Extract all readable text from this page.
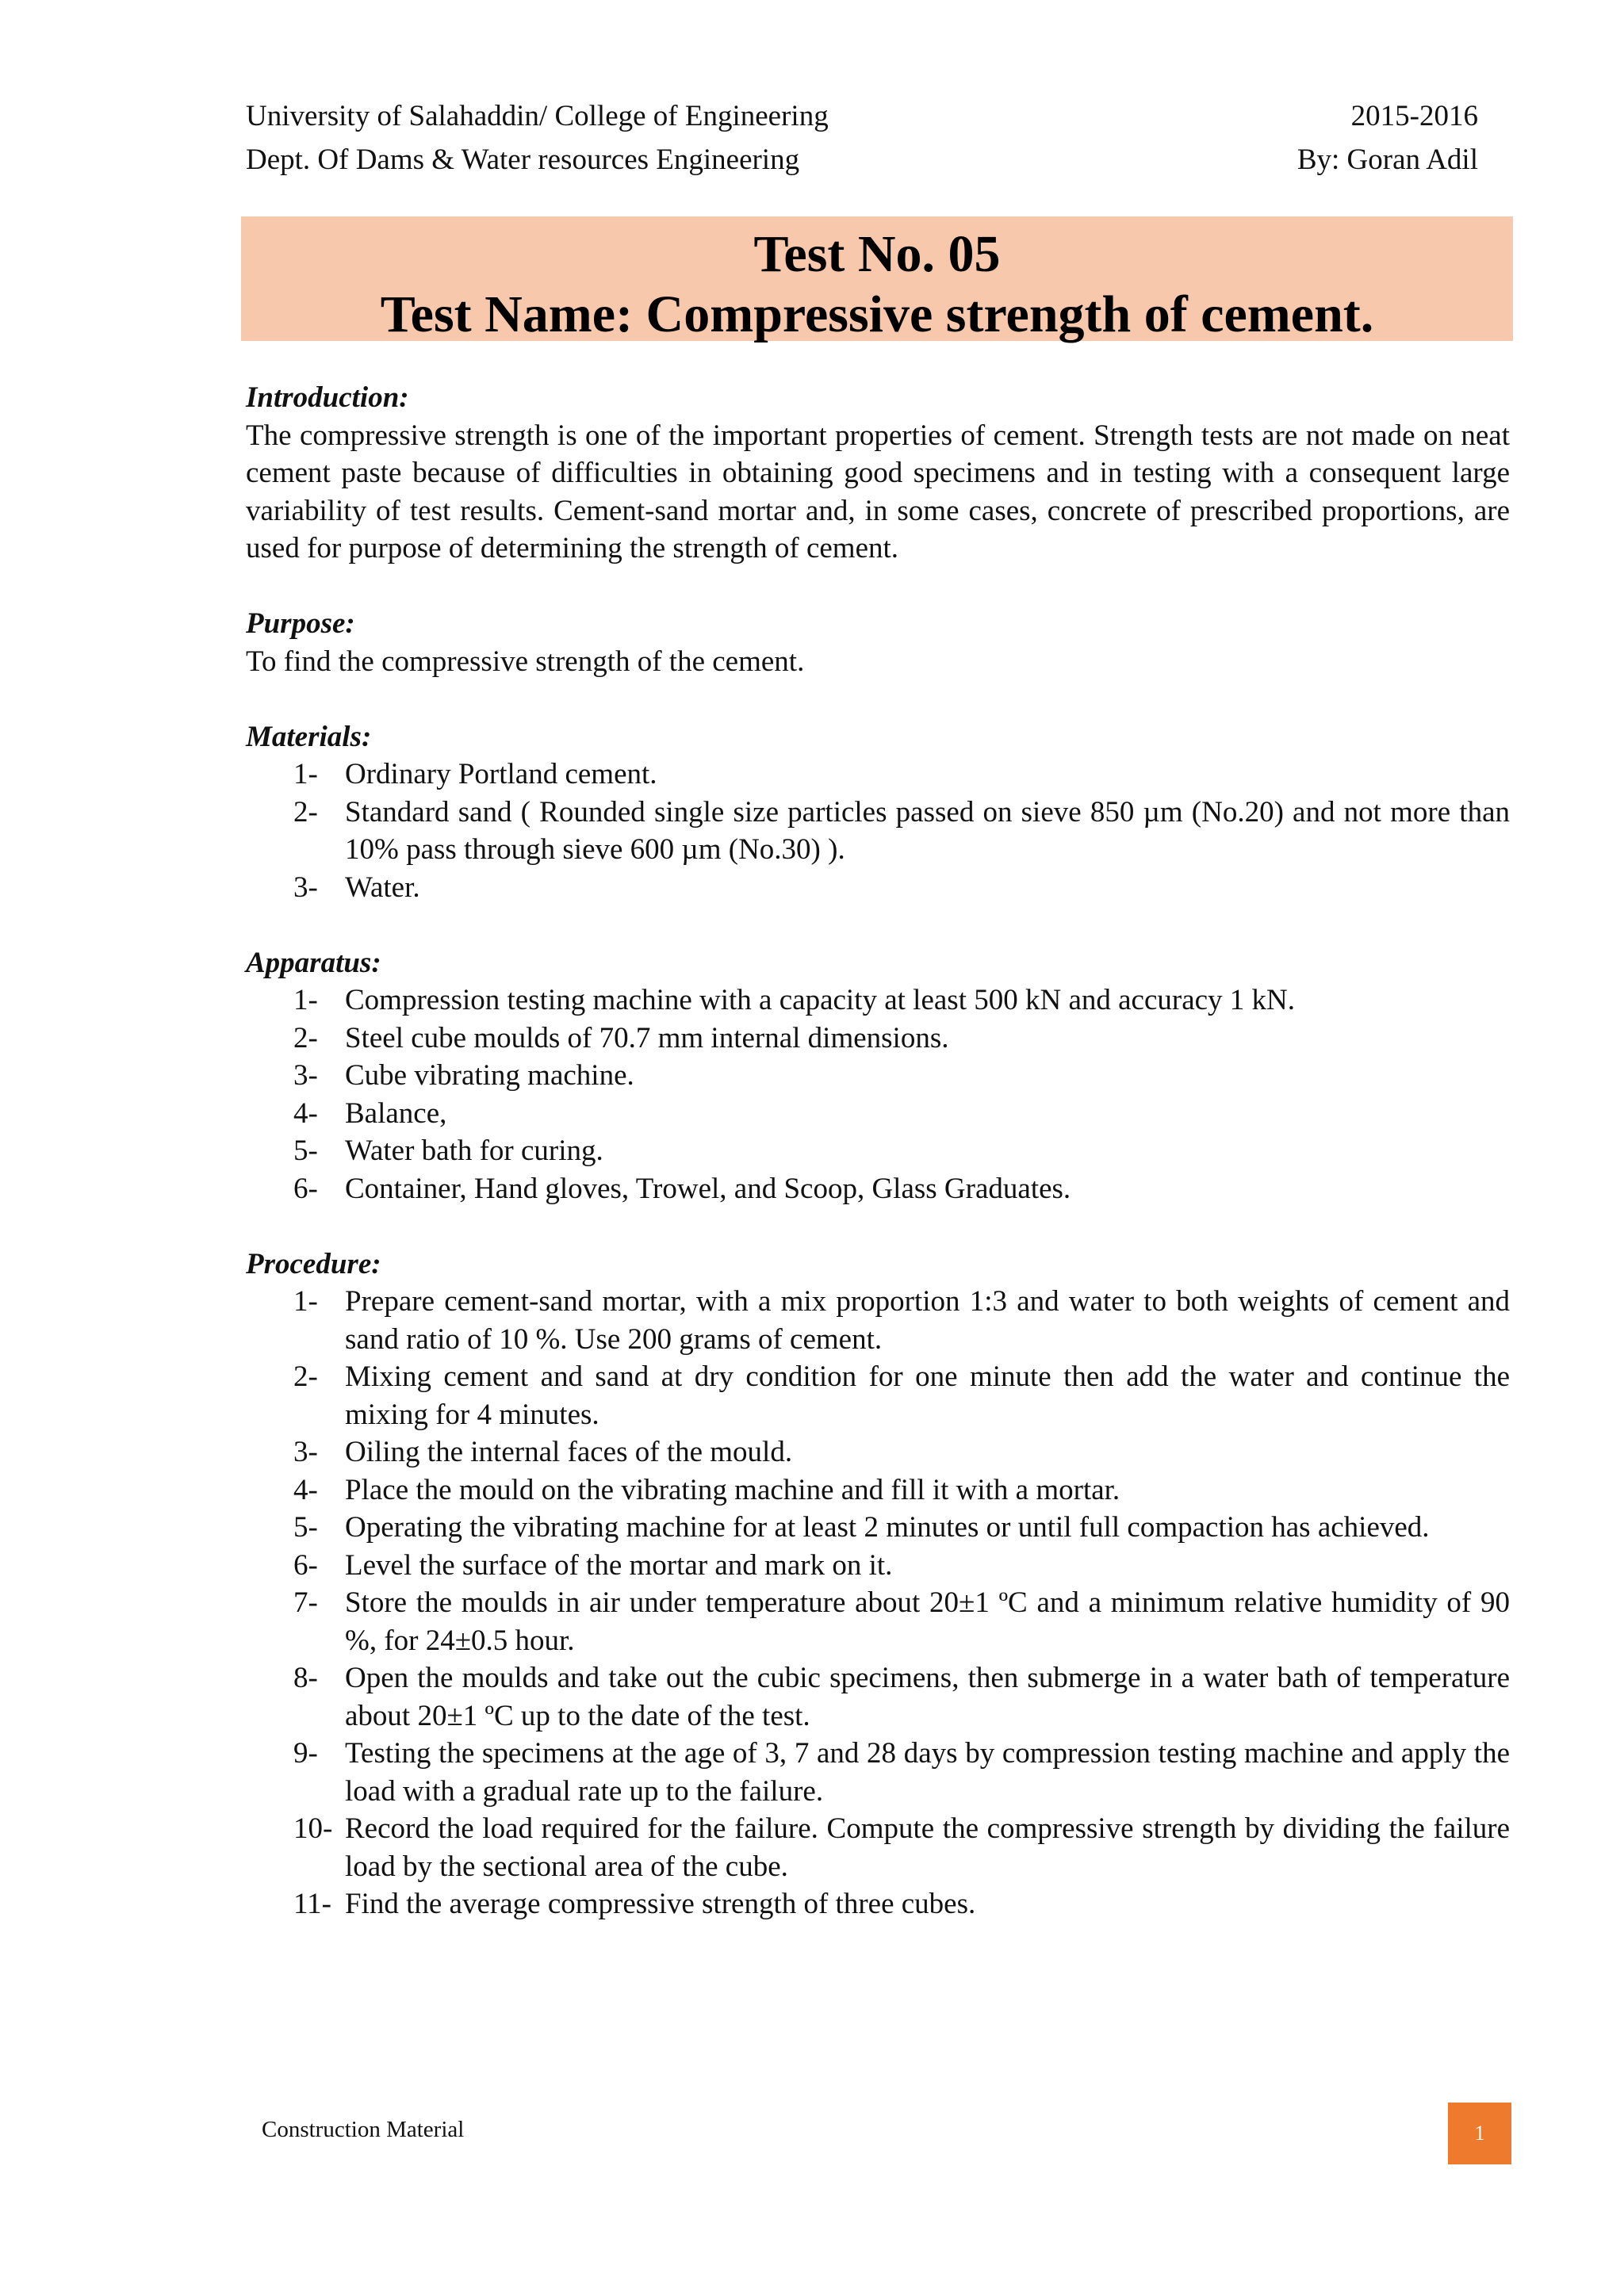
University of Salahaddin/ College of Engineering	2015-2016
Dept. Of Dams & Water resources Engineering	By: Goran Adil
Test No. 05
Test Name: Compressive strength of cement.
Introduction:
The compressive strength is one of the important properties of cement. Strength tests are not made on neat cement paste because of difficulties in obtaining good specimens and in testing with a consequent large variability of test results. Cement-sand mortar and, in some cases, concrete of prescribed proportions, are used for purpose of determining the strength of cement.
Purpose:
To find the compressive strength of the cement.
Materials:
1- Ordinary Portland cement.
2- Standard sand ( Rounded single size particles passed on sieve 850 µm (No.20) and not more than 10% pass through sieve 600 µm (No.30) ).
3- Water.
Apparatus:
1- Compression testing machine with a capacity at least 500 kN and accuracy 1 kN.
2- Steel cube moulds of 70.7 mm internal dimensions.
3- Cube vibrating machine.
4- Balance,
5- Water bath for curing.
6- Container, Hand gloves, Trowel, and Scoop, Glass Graduates.
Procedure:
1- Prepare cement-sand mortar, with a mix proportion 1:3 and water to both weights of cement and sand ratio of 10 %. Use 200 grams of cement.
2- Mixing cement and sand at dry condition for one minute then add the water and continue the mixing for 4 minutes.
3- Oiling the internal faces of the mould.
4- Place the mould on the vibrating machine and fill it with a mortar.
5- Operating the vibrating machine for at least 2 minutes or until full compaction has achieved.
6- Level the surface of the mortar and mark on it.
7- Store the moulds in air under temperature about 20±1 ºC and a minimum relative humidity of 90 %, for 24±0.5 hour.
8- Open the moulds and take out the cubic specimens, then submerge in a water bath of temperature about 20±1 ºC up to the date of the test.
9- Testing the specimens at the age of 3, 7 and 28 days by compression testing machine and apply the load with a gradual rate up to the failure.
10- Record the load required for the failure. Compute the compressive strength by dividing the failure load by the sectional area of the cube.
11- Find the average compressive strength of three cubes.
Construction Material	1
